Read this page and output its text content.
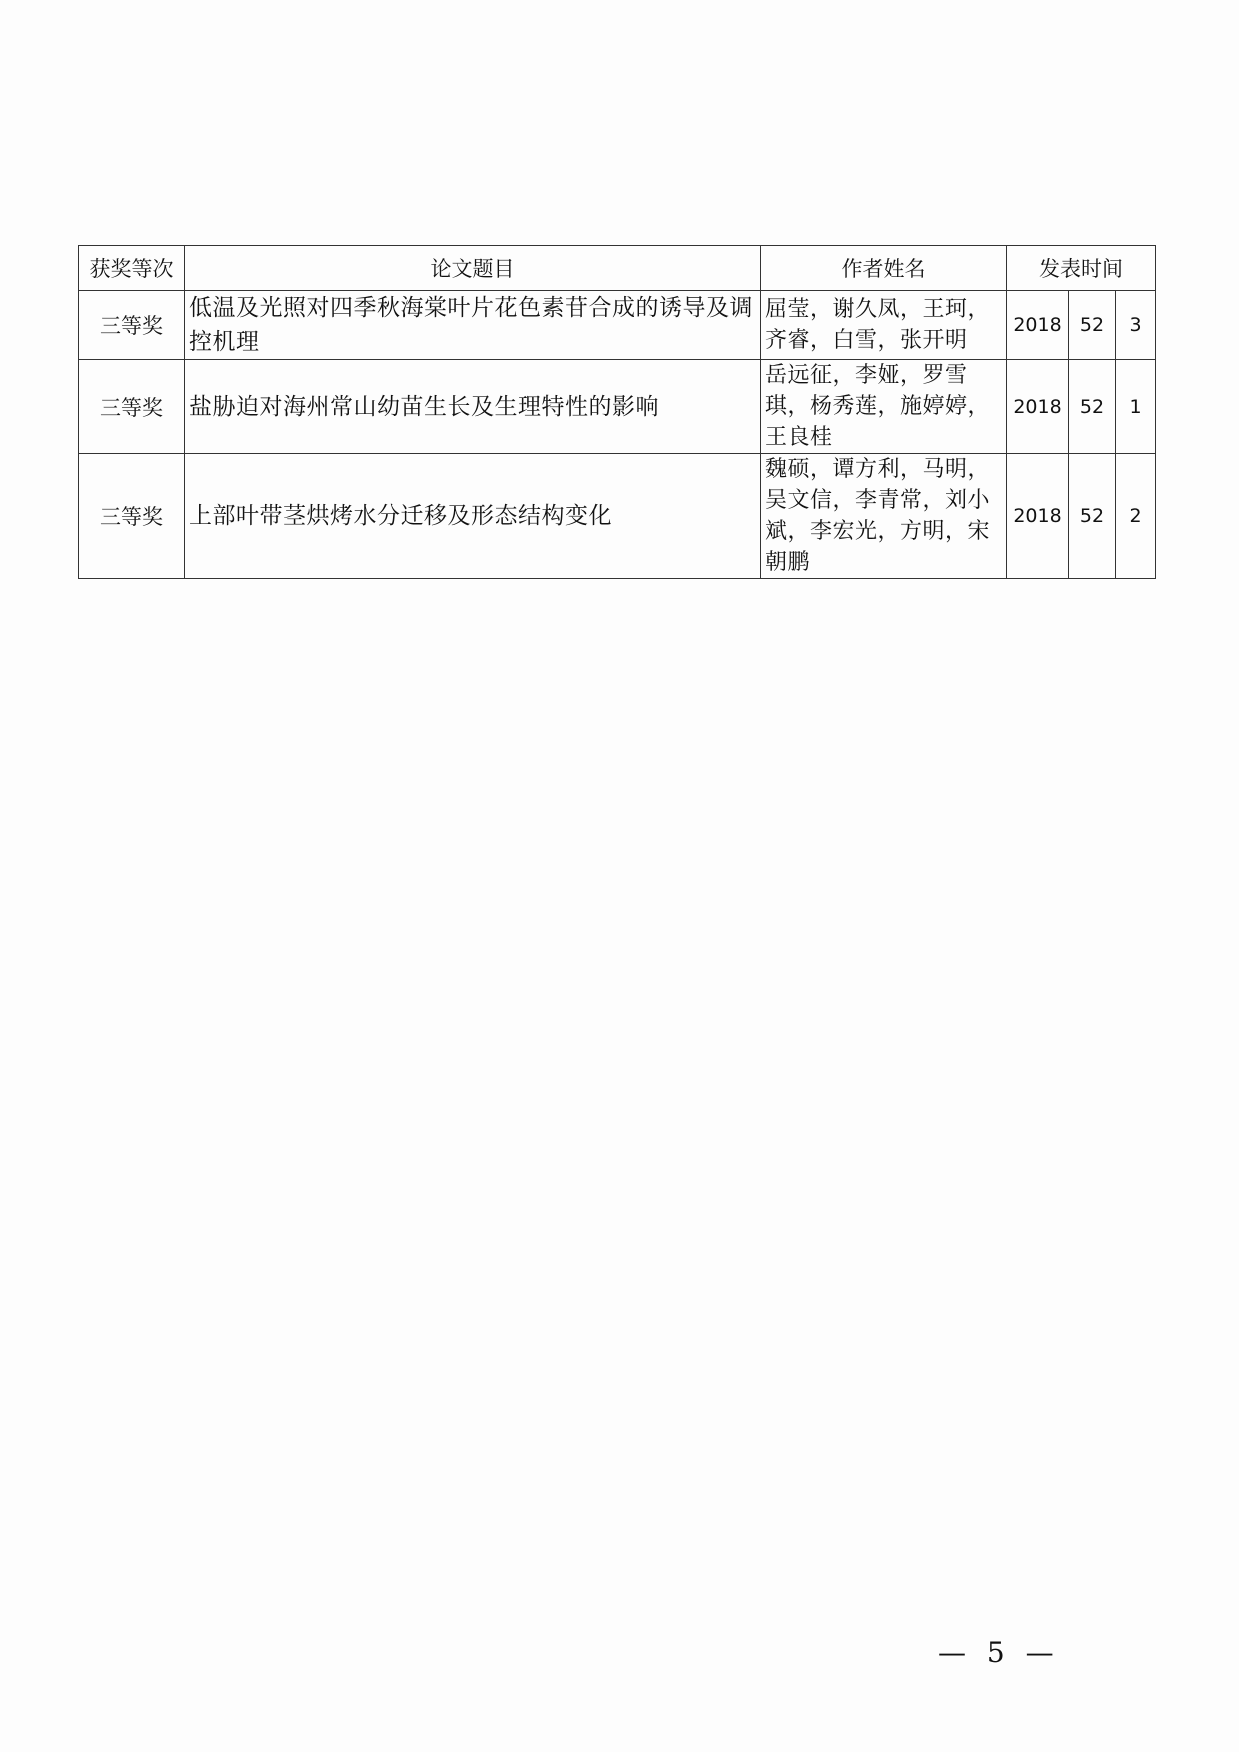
获奖等次	论文题目	作者姓名	发表时间		
三等奖	低温及光照对四季秋海棠叶片花色素苷合成的诱导及调控机理	屈莹，谢久凤，王珂，齐睿，白雪，张开明	2018	52	3
三等奖	盐胁迫对海州常山幼苗生长及生理特性的影响	岳远征，李娅，罗雪琪，杨秀莲，施婷婷，王良桂	2018	52	1
三等奖	上部叶带茎烘烤水分迁移及形态结构变化	魏硕，谭方利，马明，吴文信，李青常，刘小斌，李宏光，方明，宋朝鹏	2018	52	2
— 5 —
